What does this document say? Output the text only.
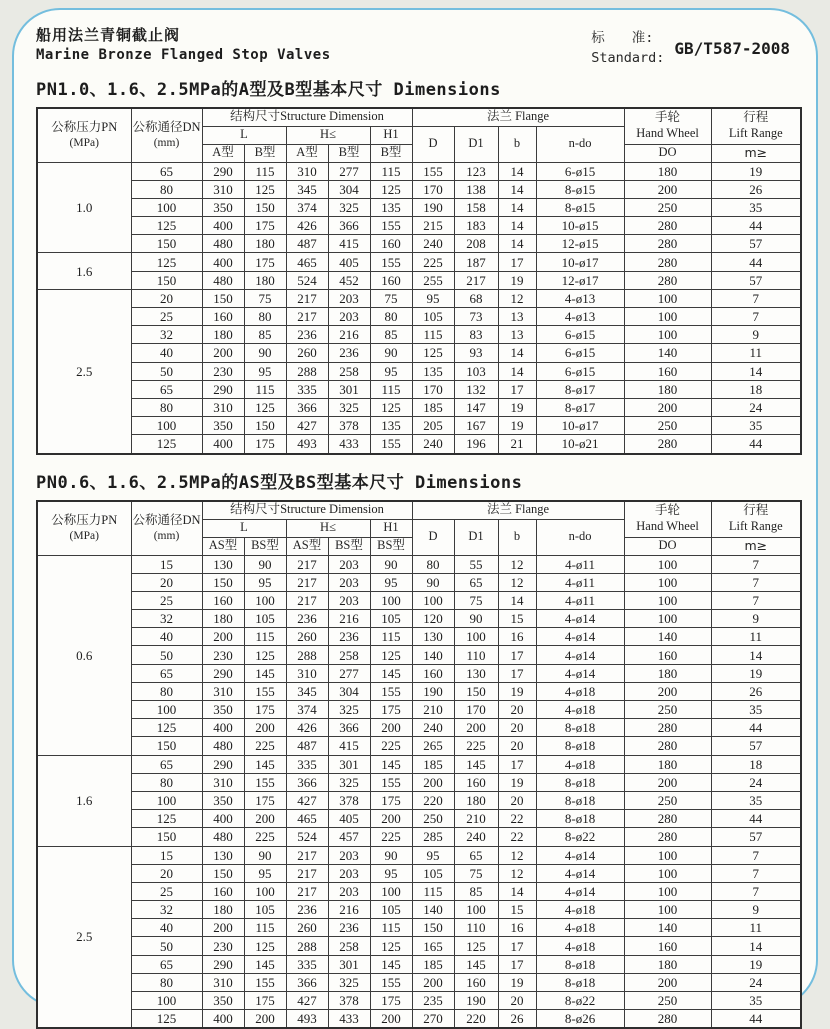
船用法兰青铜截止阀
Marine Bronze Flanged Stop Valves
标　　准:
Standard:
GB/T587-2008
PN1.0、1.6、2.5MPa的A型及B型基本尺寸 Dimensions
公称压力PN
(MPa)

公称通径DN
(mm)
	结构尺寸Structure Dimension	法兰 Flange	手轮
Hand Wheel

行程
Lift Range

		L		H≤		H1	D	D1	b	n-do		
		A型	B型	A型	B型	B型					DO	m≥
1.0	65	290	115	310	277	115	155	123	14	6-ø15	180	19
	80	310	125	345	304	125	170	138	14	8-ø15	200	26
	100	350	150	374	325	135	190	158	14	8-ø15	250	35
	125	400	175	426	366	155	215	183	14	10-ø15	280	44
	150	480	180	487	415	160	240	208	14	12-ø15	280	57
1.6	125	400	175	465	405	155	225	187	17	10-ø17	280	44
	150	480	180	524	452	160	255	217	19	12-ø17	280	57
2.5	20	150	75	217	203	75	95	68	12	4-ø13	100	7
	25	160	80	217	203	80	105	73	13	4-ø13	100	7
	32	180	85	236	216	85	115	83	13	6-ø15	100	9
	40	200	90	260	236	90	125	93	14	6-ø15	140	11
	50	230	95	288	258	95	135	103	14	6-ø15	160	14
	65	290	115	335	301	115	170	132	17	8-ø17	180	18
	80	310	125	366	325	125	185	147	19	8-ø17	200	24
	100	350	150	427	378	135	205	167	19	10-ø17	250	35
	125	400	175	493	433	155	240	196	21	10-ø21	280	44
PN0.6、1.6、2.5MPa的AS型及BS型基本尺寸 Dimensions
公称压力PN
(MPa)

公称通径DN
(mm)
	结构尺寸Structure Dimension	法兰 Flange	手轮
Hand Wheel

行程
Lift Range

		L		H≤		H1	D	D1	b	n-do		
		AS型	BS型	AS型	BS型	BS型					DO	m≥
0.6	15	130	90	217	203	90	80	55	12	4-ø11	100	7
	20	150	95	217	203	95	90	65	12	4-ø11	100	7
	25	160	100	217	203	100	100	75	14	4-ø11	100	7
	32	180	105	236	216	105	120	90	15	4-ø14	100	9
	40	200	115	260	236	115	130	100	16	4-ø14	140	11
	50	230	125	288	258	125	140	110	17	4-ø14	160	14
	65	290	145	310	277	145	160	130	17	4-ø14	180	19
	80	310	155	345	304	155	190	150	19	4-ø18	200	26
	100	350	175	374	325	175	210	170	20	4-ø18	250	35
	125	400	200	426	366	200	240	200	20	8-ø18	280	44
	150	480	225	487	415	225	265	225	20	8-ø18	280	57
1.6	65	290	145	335	301	145	185	145	17	4-ø18	180	18
	80	310	155	366	325	155	200	160	19	8-ø18	200	24
	100	350	175	427	378	175	220	180	20	8-ø18	250	35
	125	400	200	465	405	200	250	210	22	8-ø18	280	44
	150	480	225	524	457	225	285	240	22	8-ø22	280	57
2.5	15	130	90	217	203	90	95	65	12	4-ø14	100	7
	20	150	95	217	203	95	105	75	12	4-ø14	100	7
	25	160	100	217	203	100	115	85	14	4-ø14	100	7
	32	180	105	236	216	105	140	100	15	4-ø18	100	9
	40	200	115	260	236	115	150	110	16	4-ø18	140	11
	50	230	125	288	258	125	165	125	17	4-ø18	160	14
	65	290	145	335	301	145	185	145	17	8-ø18	180	19
	80	310	155	366	325	155	200	160	19	8-ø18	200	24
	100	350	175	427	378	175	235	190	20	8-ø22	250	35
	125	400	200	493	433	200	270	220	26	8-ø26	280	44
